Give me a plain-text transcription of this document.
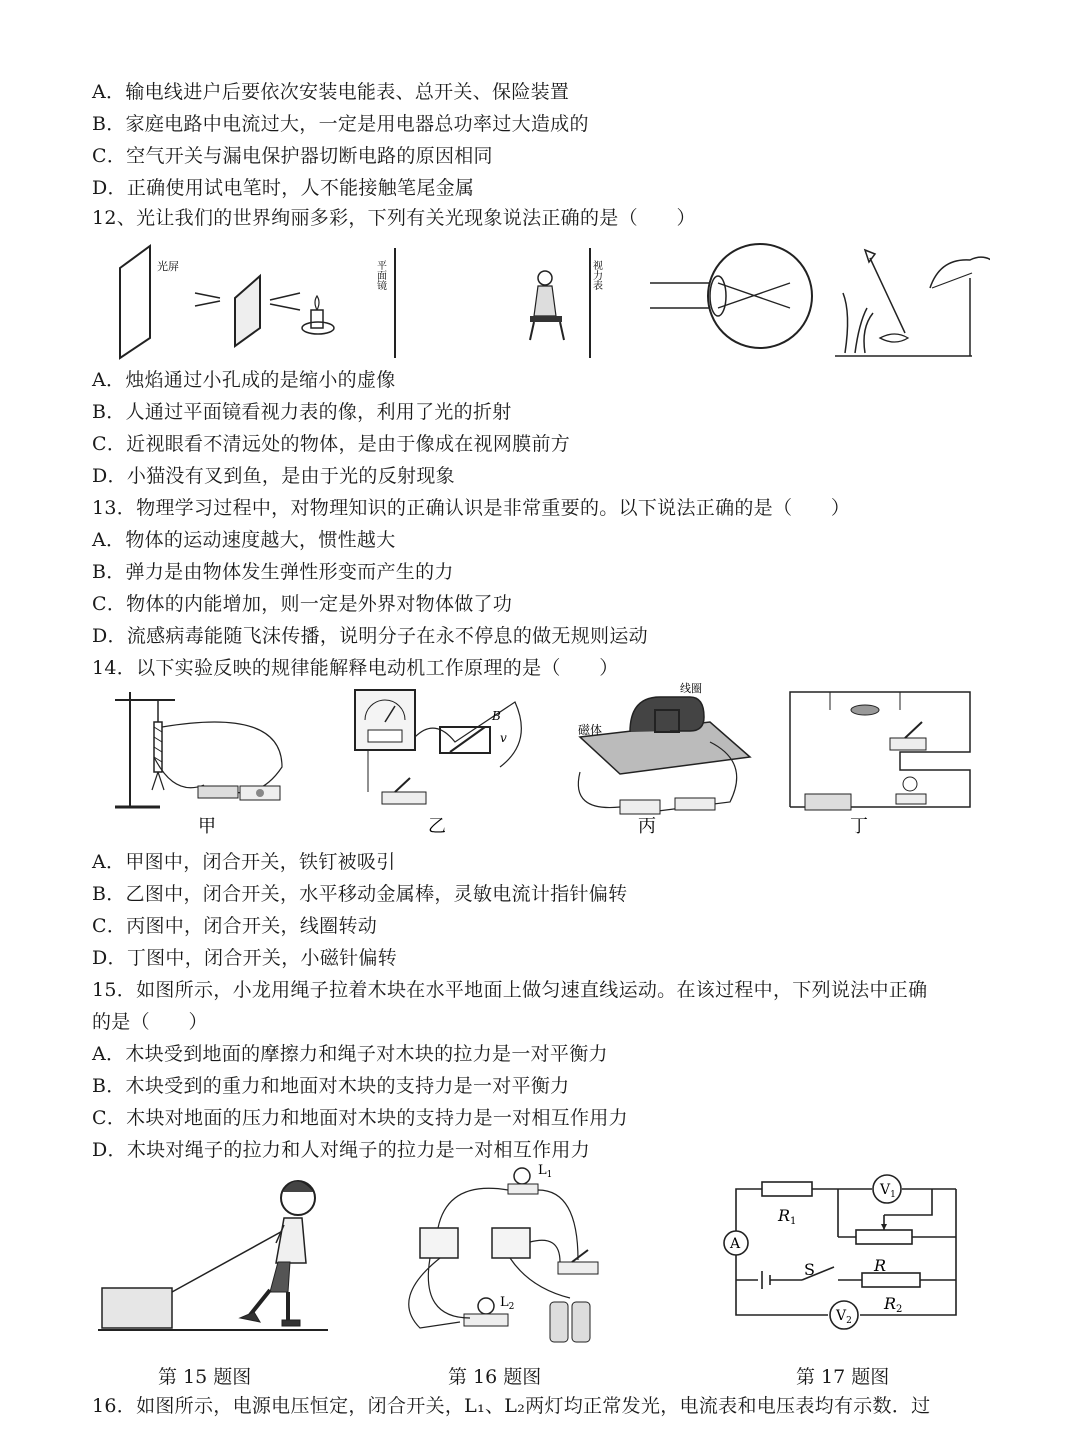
A．输电线进户后要依次安装电能表、总开关、保险装置
B．家庭电路中电流过大，一定是用电器总功率过大造成的
C．空气开关与漏电保护器切断电路的原因相同
D．正确使用试电笔时，人不能接触笔尾金属
12、光让我们的世界绚丽多彩，下列有关光现象说法正确的是（　　）
光屏	平面镜	视力表
A．烛焰通过小孔成的是缩小的虚像
B．人通过平面镜看视力表的像，利用了光的折射
C．近视眼看不清远处的物体，是由于像成在视网膜前方
D．小猫没有叉到鱼，是由于光的反射现象
13．物理学习过程中，对物理知识的正确认识是非常重要的。以下说法正确的是（　　）
A．物体的运动速度越大，惯性越大
B．弹力是由物体发生弹性形变而产生的力
C．物体的内能增加，则一定是外界对物体做了功
D．流感病毒能随飞沫传播，说明分子在永不停息的做无规则运动
14．以下实验反映的规律能解释电动机工作原理的是（　　）
甲
B
v
乙
线圈
磁体
丙	丁
A．甲图中，闭合开关，铁钉被吸引
B．乙图中，闭合开关，水平移动金属棒，灵敏电流计指针偏转
C．丙图中，闭合开关，线圈转动
D．丁图中，闭合开关，小磁针偏转
15．如图所示，小龙用绳子拉着木块在水平地面上做匀速直线运动。在该过程中，下列说法中正确
的是（　　）
A．木块受到地面的摩擦力和绳子对木块的拉力是一对平衡力
B．木块受到的重力和地面对木块的支持力是一对平衡力
C．木块对地面的压力和地面对木块的支持力是一对相互作用力
D．木块对绳子的拉力和人对绳子的拉力是一对相互作用力
第 15 题图
$L_1$
$L_2$
第 16 题图
$V_1$
A
$V_2$
R1
R
S
R2
第 17 题图
16．如图所示，电源电压恒定，闭合开关，L₁、L₂两灯均正常发光，电流表和电压表均有示数．过
